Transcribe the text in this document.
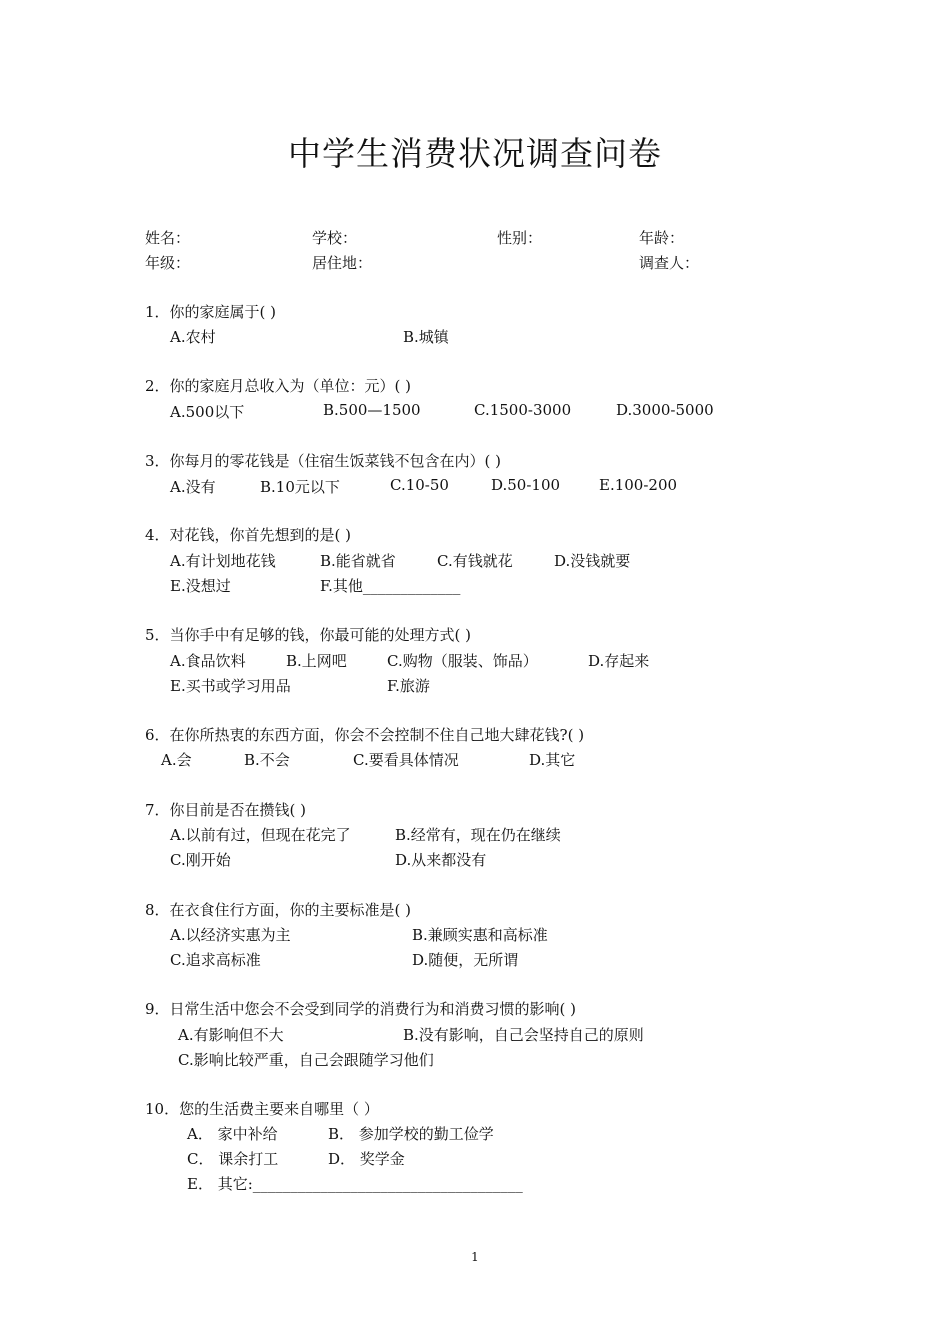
中学生消费状况调查问卷
姓名：	学校：	性别：	年龄：
年级：	居住地：	调查人：
1．你的家庭属于( )
A.农村	B.城镇
2．你的家庭月总收入为（单位：元）( )
A.500以下	B.500—1500	C.1500-3000	D.3000-5000
3．你每月的零花钱是（住宿生饭菜钱不包含在内）( )
A.没有	B.10元以下	C.10-50	D.50-100	E.100-200
4．对花钱，你首先想到的是( )
A.有计划地花钱	B.能省就省	C.有钱就花	D.没钱就要
E.没想过	F.其他_____________
5．当你手中有足够的钱，你最可能的处理方式( )
A.食品饮料	B.上网吧	C.购物（服装、饰品）	D.存起来
E.买书或学习用品	F.旅游
6．在你所热衷的东西方面，你会不会控制不住自己地大肆花钱?( )
A.会	B.不会	C.要看具体情况	D.其它
7．你目前是否在攒钱( )
A.以前有过，但现在花完了	B.经常有，现在仍在继续
C.刚开始	D.从来都没有
8．在衣食住行方面，你的主要标准是( )
A.以经济实惠为主	B.兼顾实惠和高标准
C.追求高标准	D.随便，无所谓
9．日常生活中您会不会受到同学的消费行为和消费习惯的影响( )
A.有影响但不大	B.没有影响，自己会坚持自己的原则
C.影响比较严重，自己会跟随学习他们
10．您的生活费主要来自哪里（ ）
A． 家中补给	B． 参加学校的勤工俭学
C． 课余打工	D． 奖学金
E． 其它:____________________________________
1
